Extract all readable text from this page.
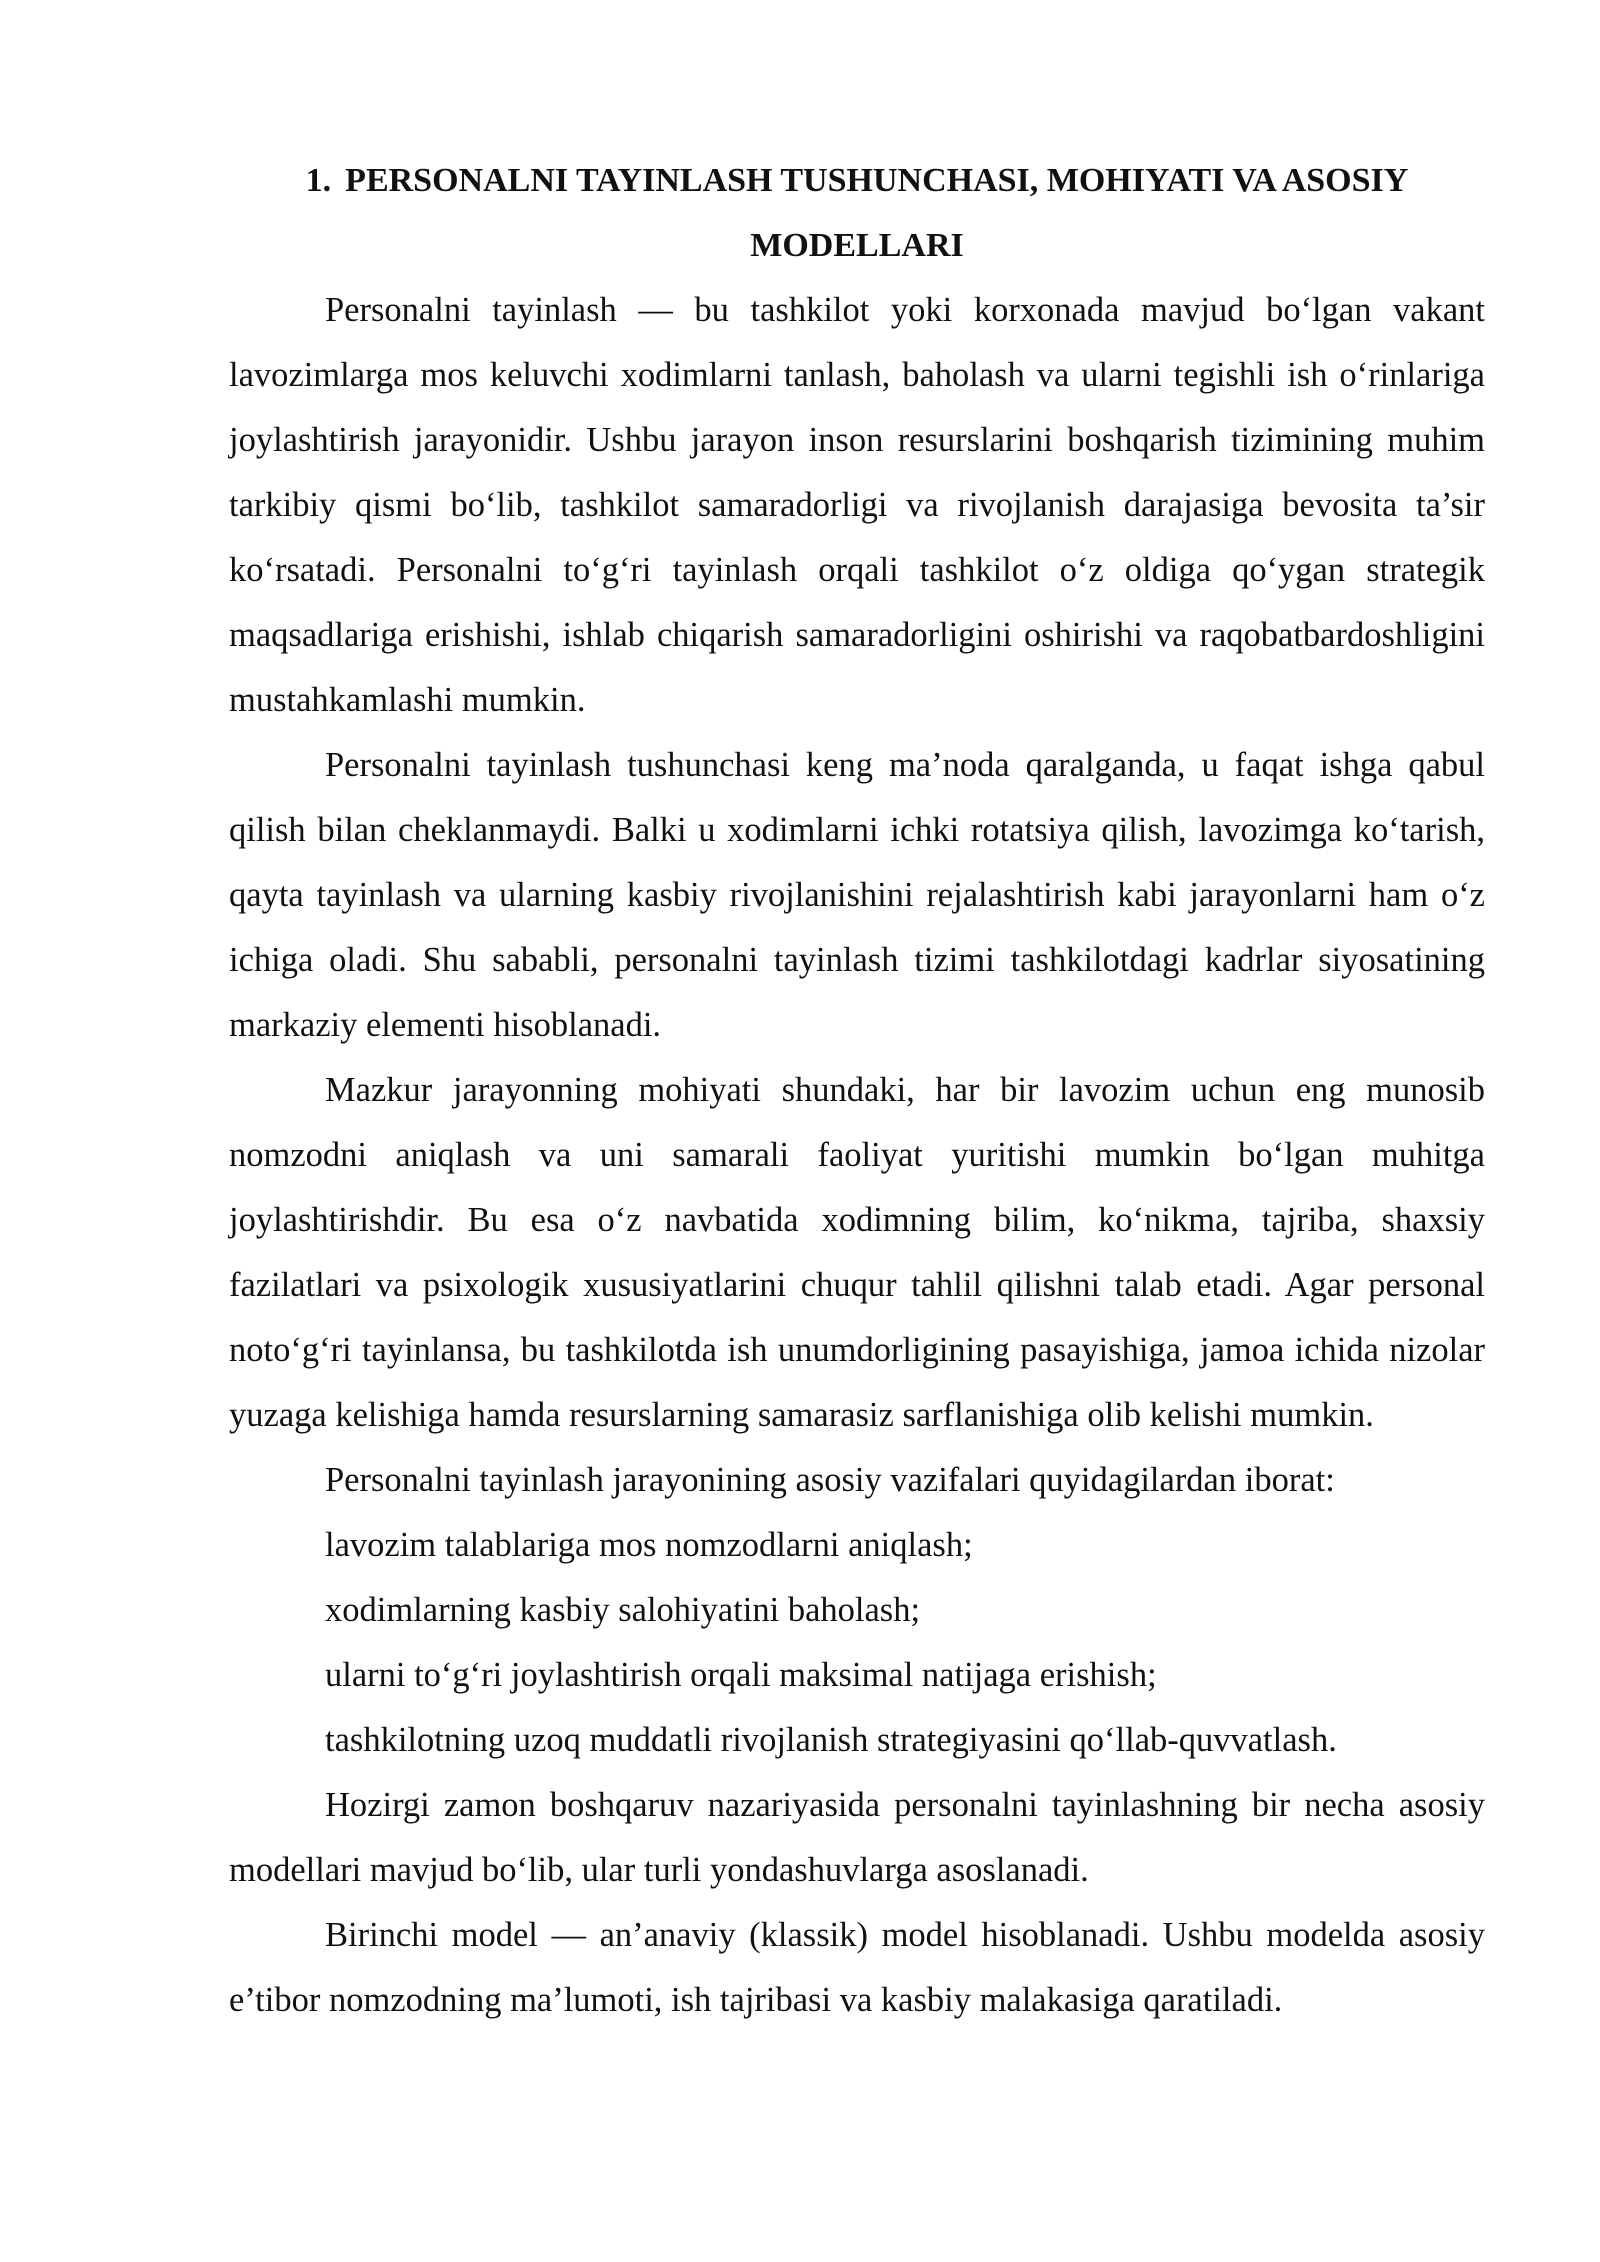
1. PERSONALNI TAYINLASH TUSHUNCHASI, MOHIYATI VA ASOSIY MODELLARI

Personalni tayinlash — bu tashkilot yoki korxonada mavjud bo‘lgan vakant lavozimlarga mos keluvchi xodimlarni tanlash, baholash va ularni tegishli ish o‘rinlariga joylashtirish jarayonidir. Ushbu jarayon inson resurslarini boshqarish tizimining muhim tarkibiy qismi bo‘lib, tashkilot samaradorligi va rivojlanish darajasiga bevosita ta’sir ko‘rsatadi. Personalni to‘g‘ri tayinlash orqali tashkilot o‘z oldiga qo‘ygan strategik maqsadlariga erishishi, ishlab chiqarish samaradorligini oshirishi va raqobatbardoshligini mustahkamlashi mumkin.

Personalni tayinlash tushunchasi keng ma’noda qaralganda, u faqat ishga qabul qilish bilan cheklanmaydi. Balki u xodimlarni ichki rotatsiya qilish, lavozimga ko‘tarish, qayta tayinlash va ularning kasbiy rivojlanishini rejalashtirish kabi jarayonlarni ham o‘z ichiga oladi. Shu sababli, personalni tayinlash tizimi tashkilotdagi kadrlar siyosatining markaziy elementi hisoblanadi.

Mazkur jarayonning mohiyati shundaki, har bir lavozim uchun eng munosib nomzodni aniqlash va uni samarali faoliyat yuritishi mumkin bo‘lgan muhitga joylashtirishdir. Bu esa o‘z navbatida xodimning bilim, ko‘nikma, tajriba, shaxsiy fazilatlari va psixologik xususiyatlarini chuqur tahlil qilishni talab etadi. Agar personal noto‘g‘ri tayinlansa, bu tashkilotda ish unumdorligining pasayishiga, jamoa ichida nizolar yuzaga kelishiga hamda resurslarning samarasiz sarflanishiga olib kelishi mumkin.

Personalni tayinlash jarayonining asosiy vazifalari quyidagilardan iborat:

lavozim talablariga mos nomzodlarni aniqlash;

xodimlarning kasbiy salohiyatini baholash;

ularni to‘g‘ri joylashtirish orqali maksimal natijaga erishish;

tashkilotning uzoq muddatli rivojlanish strategiyasini qo‘llab-quvvatlash.

Hozirgi zamon boshqaruv nazariyasida personalni tayinlashning bir necha asosiy modellari mavjud bo‘lib, ular turli yondashuvlarga asoslanadi.

Birinchi model — an’anaviy (klassik) model hisoblanadi. Ushbu modelda asosiy e’tibor nomzodning ma’lumoti, ish tajribasi va kasbiy malakasiga qaratiladi.
